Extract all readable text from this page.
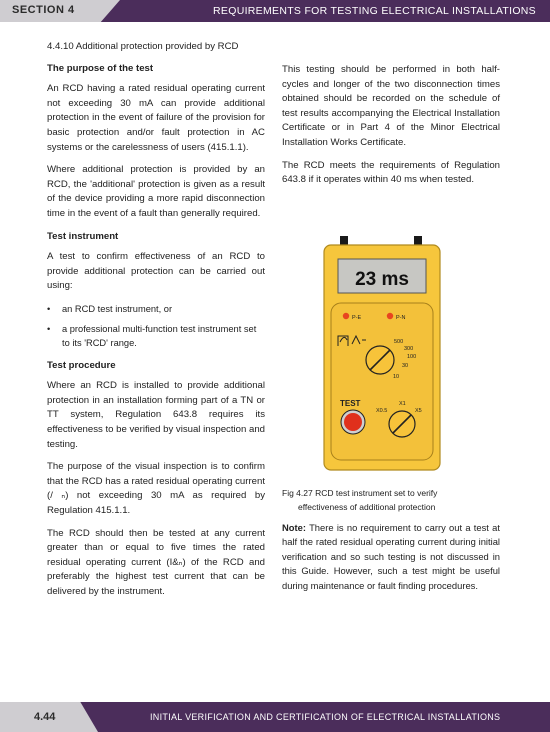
SECTION 4	REQUIREMENTS FOR TESTING ELECTRICAL INSTALLATIONS
4.4.10 Additional protection provided by RCD
The purpose of the test

An RCD having a rated residual operating current not exceeding 30 mA can provide additional protection in the event of failure of the provision for basic protection and/or fault protection in AC systems or the carelessness of users (415.1.1).

Where additional protection is provided by an RCD, the 'additional' protection is given as a result of the device providing a more rapid disconnection time in the event of a fault than generally required.

Test instrument

A test to confirm effectiveness of an RCD to provide additional protection can be carried out using:

• an RCD test instrument, or
• a professional multi-function test instrument set to its 'RCD' range.
Test procedure

Where an RCD is installed to provide additional protection in an installation forming part of a TN or TT system, Regulation 643.8 requires its effectiveness to be verified by visual inspection and testing.

The purpose of the visual inspection is to confirm that the RCD has a rated residual operating current (/ ₙ) not exceeding 30 mA as required by Regulation 415.1.1.

The RCD should then be tested at any current greater than or equal to five times the rated residual operating current (I&ₙ) of the RCD and preferably the highest test current that can be delivered by the instrument.

This testing should be performed in both half-cycles and longer of the two disconnection times obtained should be recorded on the schedule of test results accompanying the Electrical Installation Certificate or in Part 4 of the Minor Electrical Installation Works Certificate.

The RCD meets the requirements of Regulation 643.8 if it operates within 40 ms when tested.

23 ms
P-E	P-N
500
300
100
30
10
TEST	X1
X0.5	X5
Fig 4.27 RCD test instrument set to verify
effectiveness of additional protection
Note: There is no requirement to carry out a test at half the rated residual operating current during initial verification and so such testing is not discussed in this Guide. However, such a test might be useful during maintenance or fault finding procedures.
4.44	INITIAL VERIFICATION AND CERTIFICATION OF ELECTRICAL INSTALLATIONS
